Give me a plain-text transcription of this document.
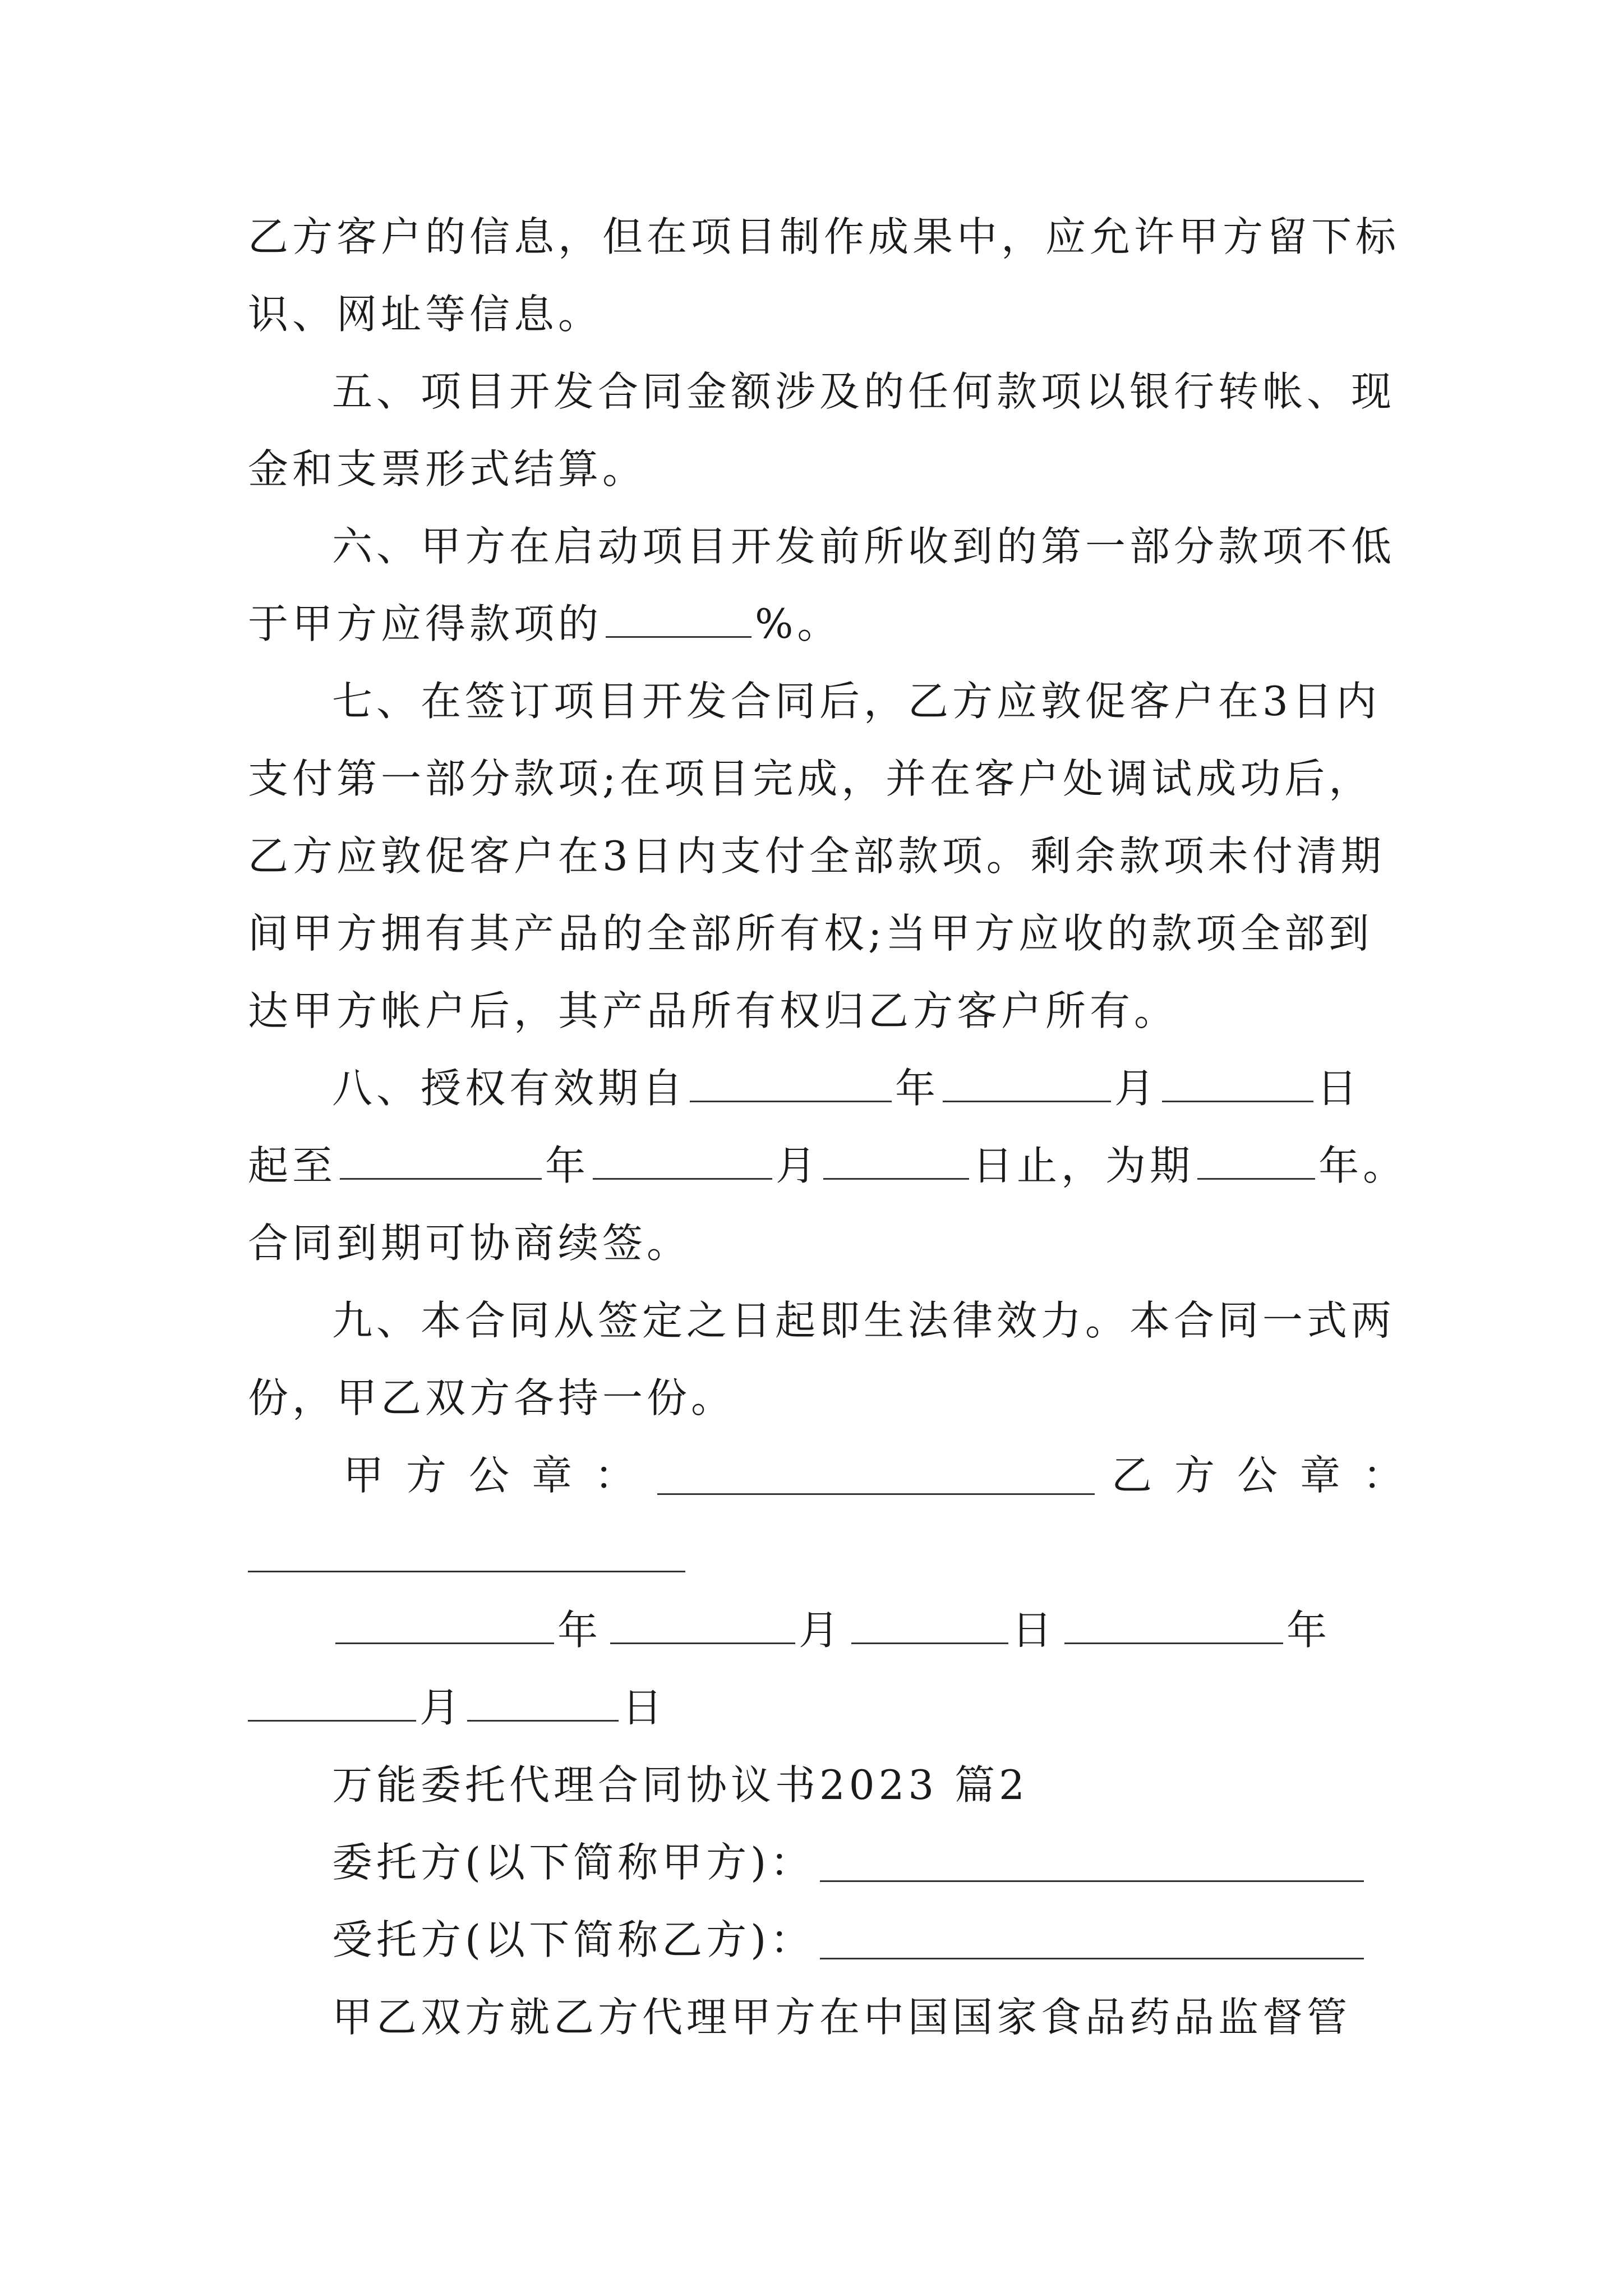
乙方客户的信息，但在项目制作成果中，应允许甲方留下标
识、网址等信息。
五、项目开发合同金额涉及的任何款项以银行转帐、现
金和支票形式结算。
六、甲方在启动项目开发前所收到的第一部分款项不低
于甲方应得款项的	%。
七、在签订项目开发合同后，乙方应敦促客户在3日内
支付第一部分款项;在项目完成，并在客户处调试成功后，
乙方应敦促客户在3日内支付全部款项。剩余款项未付清期
间甲方拥有其产品的全部所有权;当甲方应收的款项全部到
达甲方帐户后，其产品所有权归乙方客户所有。
八、授权有效期自	年	月	日
起至	年	月	日止，为期	年。
合同到期可协商续签。
九、本合同从签定之日起即生法律效力。本合同一式两
份，甲乙双方各持一份。
甲方公章：	乙方公章：
年	月	日	年
月	日
万能委托代理合同协议书2023 篇2
委托方(以下简称甲方)：
受托方(以下简称乙方)：
甲乙双方就乙方代理甲方在中国国家食品药品监督管
